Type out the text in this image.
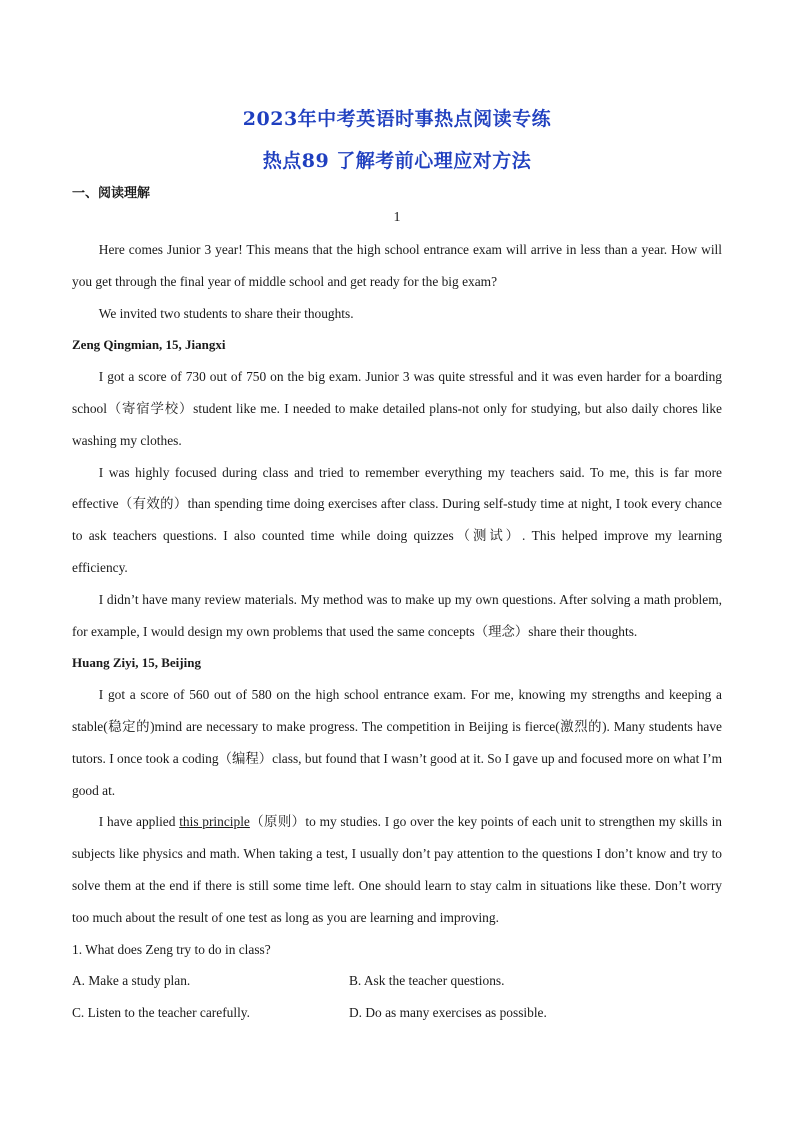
2023年中考英语时事热点阅读专练
热点89 了解考前心理应对方法
一、阅读理解
1

Here comes Junior 3 year! This means that the high school entrance exam will arrive in less than a year. How will you get through the final year of middle school and get ready for the big exam?

We invited two students to share their thoughts.

Zeng Qingmian, 15, Jiangxi

I got a score of 730 out of 750 on the big exam. Junior 3 was quite stressful and it was even harder for a boarding school（寄宿学校）student like me. I needed to make detailed plans-not only for studying, but also daily chores like washing my clothes.

I was highly focused during class and tried to remember everything my teachers said. To me, this is far more effective（有效的）than spending time doing exercises after class. During self-study time at night, I took every chance to ask teachers questions. I also counted time while doing quizzes（测试）. This helped improve my learning efficiency.

I didn’t have many review materials. My method was to make up my own questions. After solving a math problem, for example, I would design my own problems that used the same concepts（理念）share their thoughts.

Huang Ziyi, 15, Beijing

I got a score of 560 out of 580 on the high school entrance exam. For me, knowing my strengths and keeping a stable(稳定的)mind are necessary to make progress. The competition in Beijing is fierce(激烈的). Many students have tutors. I once took a coding（编程）class, but found that I wasn’t good at it. So I gave up and focused more on what I’m good at.

I have applied this principle（原则）to my studies. I go over the key points of each unit to strengthen my skills in subjects like physics and math. When taking a test, I usually don’t pay attention to the questions I don’t know and try to solve them at the end if there is still some time left. One should learn to stay calm in situations like these. Don’t worry too much about the result of one test as long as you are learning and improving.

1. What does Zeng try to do in class?
A. Make a study plan.	B. Ask the teacher questions.
C. Listen to the teacher carefully.	D. Do as many exercises as possible.
